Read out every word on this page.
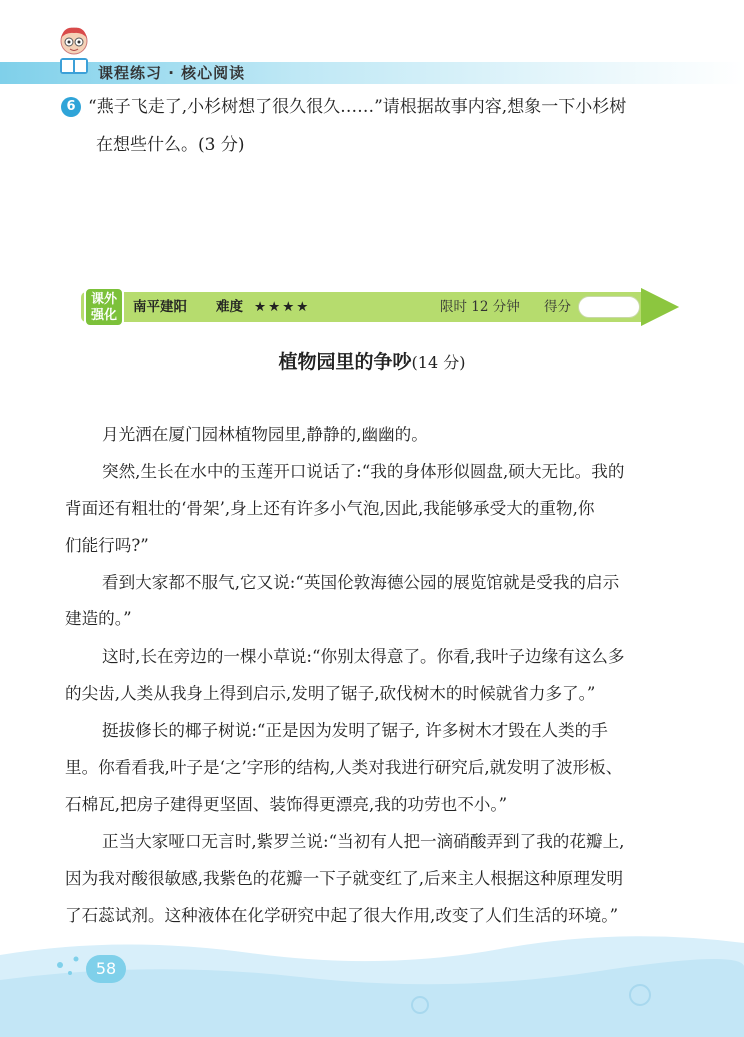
课程练习 · 核心阅读
6 “燕子飞走了,小杉树想了很久很久……”请根据故事内容,想象一下小杉树
在想些什么。(3 分)
课外
强化
南平建阳 难度 ★★★★	限时 12 分钟 得分
植物园里的争吵(14 分)
月光洒在厦门园林植物园里,静静的,幽幽的。
突然,生长在水中的玉莲开口说话了:“我的身体形似圆盘,硕大无比。我的
背面还有粗壮的‘骨架’,身上还有许多小气泡,因此,我能够承受大的重物,你
们能行吗?”
看到大家都不服气,它又说:“英国伦敦海德公园的展览馆就是受我的启示
建造的。”
这时,长在旁边的一棵小草说:“你别太得意了。你看,我叶子边缘有这么多
的尖齿,人类从我身上得到启示,发明了锯子,砍伐树木的时候就省力多了。”
挺拔修长的椰子树说:“正是因为发明了锯子, 许多树木才毁在人类的手
里。你看看我,叶子是‘之’字形的结构,人类对我进行研究后,就发明了波形板、
石棉瓦,把房子建得更坚固、装饰得更漂亮,我的功劳也不小。”
正当大家哑口无言时,紫罗兰说:“当初有人把一滴硝酸弄到了我的花瓣上,
因为我对酸很敏感,我紫色的花瓣一下子就变红了,后来主人根据这种原理发明
了石蕊试剂。这种液体在化学研究中起了很大作用,改变了人们生活的环境。”
58
